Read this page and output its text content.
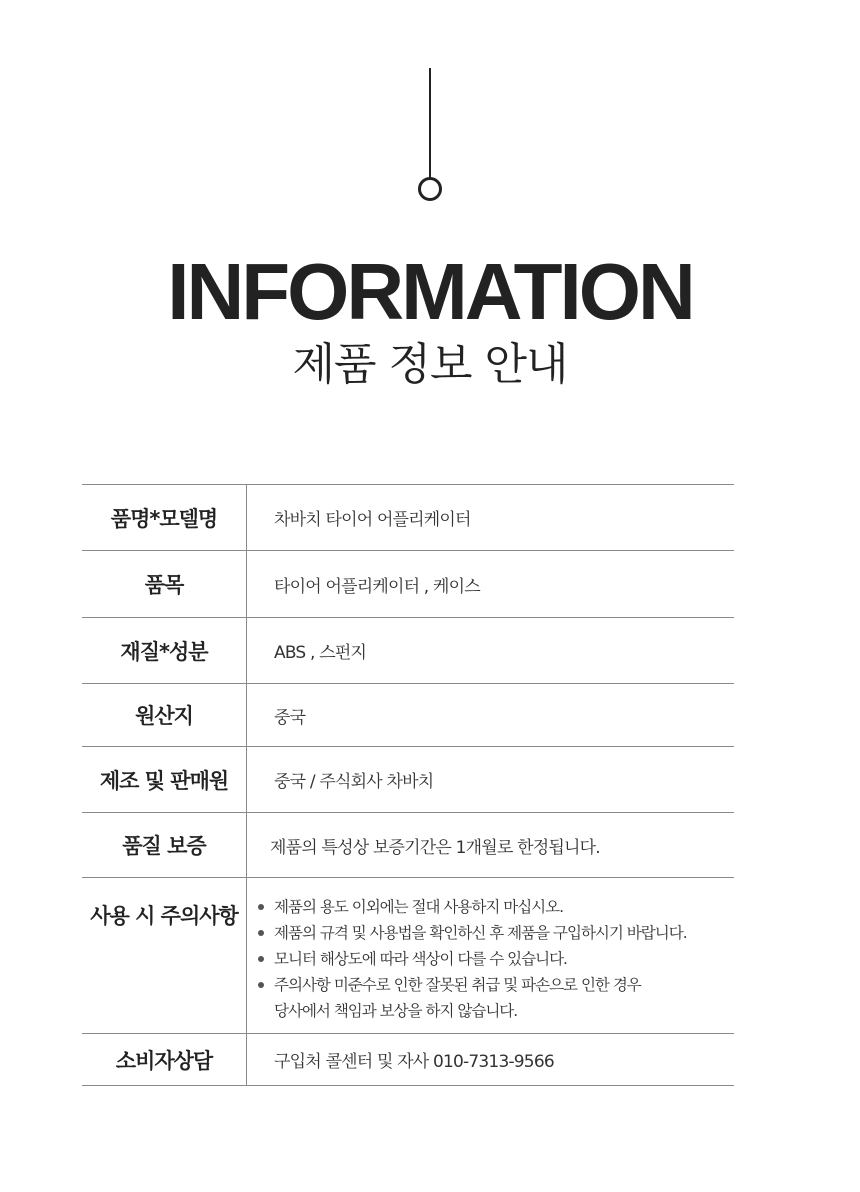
INFORMATION
제품 정보 안내
품명*모델명	차바치 타이어 어플리케이터
품목	타이어 어플리케이터 , 케이스
재질*성분	ABS , 스펀지
원산지	중국
제조 및 판매원	중국 / 주식회사 차바치
품질 보증	제품의 특성상 보증기간은 1개월로 한정됩니다.
사용 시 주의사항	제품의 용도 이외에는 절대 사용하지 마십시오.
제품의 규격 및 사용법을 확인하신 후 제품을 구입하시기 바랍니다.
모니터 해상도에 따라 색상이 다를 수 있습니다.
주의사항 미준수로 인한 잘못된 취급 및 파손으로 인한 경우
당사에서 책임과 보상을 하지 않습니다.
소비자상담	구입처 콜센터 및 자사 010-7313-9566
